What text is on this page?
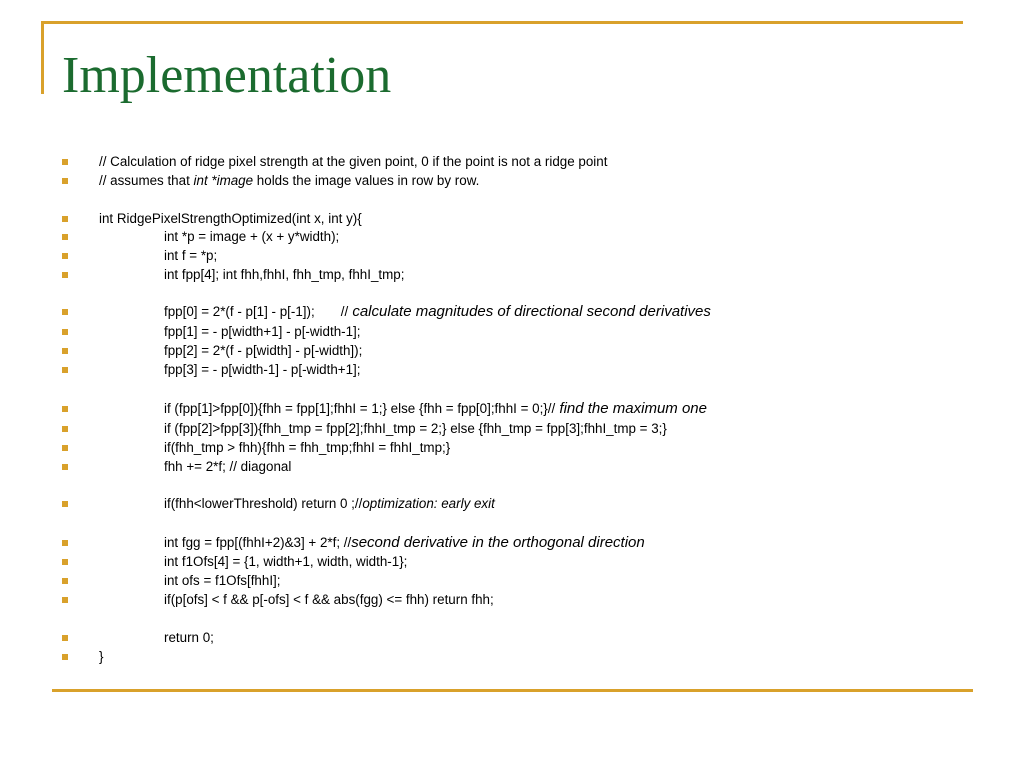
Implementation
// Calculation of ridge pixel strength at the given point, 0 if the point is not a ridge point
// assumes that int *image holds the image values in row by row.
int RidgePixelStrengthOptimized(int x, int y){
int *p = image + (x + y*width);
int f = *p;
int fpp[4]; int fhh,fhhI, fhh_tmp, fhhI_tmp;
fpp[0] = 2*(f - p[1] - p[-1]); // calculate magnitudes of directional second derivatives
fpp[1] = - p[width+1] - p[-width-1];
fpp[2] = 2*(f - p[width] - p[-width]);
fpp[3] = - p[width-1] - p[-width+1];
if (fpp[1]>fpp[0]){fhh = fpp[1];fhhI = 1;} else {fhh = fpp[0];fhhI = 0;}// find the maximum one
if (fpp[2]>fpp[3]){fhh_tmp = fpp[2];fhhI_tmp = 2;} else {fhh_tmp = fpp[3];fhhI_tmp = 3;}
if(fhh_tmp > fhh){fhh = fhh_tmp;fhhI = fhhI_tmp;}
fhh += 2*f; // diagonal
if(fhh<lowerThreshold) return 0 ;//optimization: early exit
int fgg = fpp[(fhhI+2)&3] + 2*f; //second derivative in the orthogonal direction
int f1Ofs[4] = {1, width+1, width, width-1};
int ofs = f1Ofs[fhhI];
if(p[ofs] < f && p[-ofs] < f && abs(fgg) <= fhh) return fhh;
return 0;
}
